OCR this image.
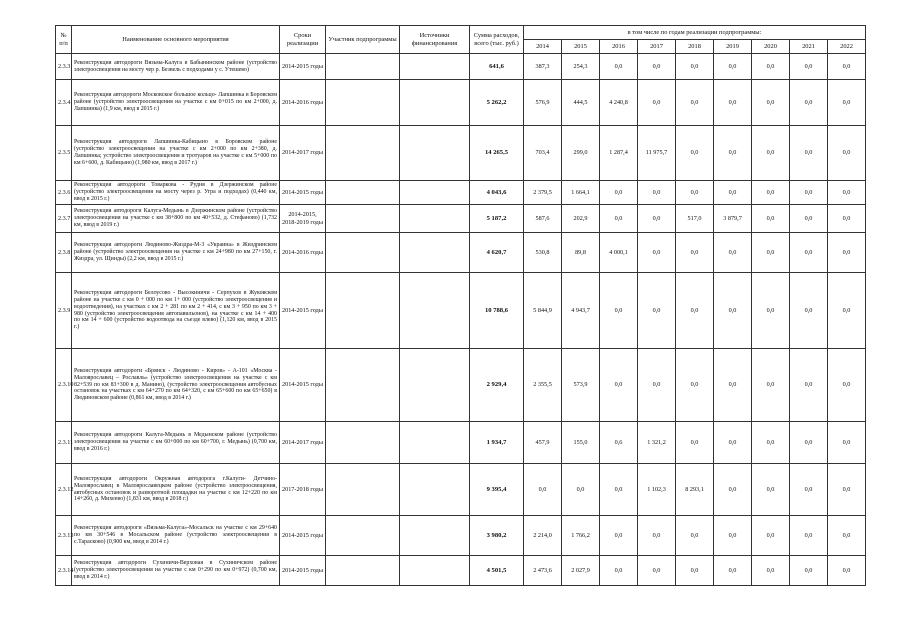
№ п/п	Наименование основного мероприятия	Сроки реализации	Участник подпрограммы	Источники финансирования	Сумма расходов, всего (тыс. руб.)	в том числе по годам реализации подпрограммы:								
						2014	2015	2016	2017	2018	2019	2020	2021	2022
2.3.3	Реконструкция автодороги Вязьма-Калуга в Бабынинском районе (устройство электроосвещения на мосту чер р. Безвель с подходами у с. Утешево)	2014-2015 годы			641,6	387,3	254,3	0,0	0,0	0,0	0,0	0,0	0,0	0,0
2.3.4	Реконструкция автодороги Московское большое кольцо- Лапшинка в Боровском районе (устройство электроосвещения на участке с км 0+015 по км 2+000, д. Лапшинка) (1,9 км, ввод в 2015 г.)	2014-2016 годы			5 262,2	576,9	444,5	4 240,8	0,0	0,0	0,0	0,0	0,0	0,0
2.3.5	Реконструкция автодороги Лапшинка-Кабицыно в Боровском районе (устройство электроосвещения на участке с км 2+000 по км 2+380, д. Лапшинка; устройство электроосвещения и тротуаров на участке с км 5+000 по км 6+600, д. Кабицыно) (1,980 км, ввод в 2017 г.)	2014-2017 годы			14 265,5	703,4	299,0	1 287,4	11 975,7	0,0	0,0	0,0	0,0	0,0
2.3.6	Реконструкция автодороги Товаркова - Рудня в Дзержинском районе (устройство электроосвещения на мосту через р. Угра и подходах) (0,440 км, ввод в 2015 г.)	2014-2015 годы			4 043,6	2 379,5	1 664,1	0,0	0,0	0,0	0,0	0,0	0,0	0,0
2.3.7	Реконструкция автодороги Калуга-Медынь в Дзержинском районе (устройство электроосвещения на участке с км 38+800 по км 40+532, д. Стефаново) (1,732 км, ввод в 2019 г.)	2014-2015, 2018-2019 годы			5 187,2	587,6	202,9	0,0	0,0	517,0	3 879,7	0,0	0,0	0,0
2.3.8	Реконструкция автодороги Людиново-Жиздра-М-3 «Украина» в Жиздринском районе (устройство электроосвещения на участке с км 24+980 по км 27+150, г. Жиздра, ул. Щинды) (2,2 км, ввод в 2015 г.)	2014-2016 годы			4 620,7	530,8	89,8	4 000,1	0,0	0,0	0,0	0,0	0,0	0,0
2.3.9	Реконструкция автодороги Белоусово - Высокиничи - Серпухов в Жуковском районе на участке с км 0 + 000 по км 1+ 000 (устройство электроосвещения и водоотведения), на участках с км 2 + 281 по км 2 + 414, с км 3 + 950 по км 3 + 980 (устройство электроосвещения автопавильонов), на участке с км 14 + 400 по км 14 + 600 (устройство водоотвода на съезде влево) (1,120 км, ввод в 2015 г.)	2014-2015 годы			10 788,6	5 844,9	4 943,7	0,0	0,0	0,0	0,0	0,0	0,0	0,0
2.3.10	Реконструкция автодороги «Брянск - Людиново - Киров» - А-101 «Москва - Малоярославец – Рославль» (устройство электроосвещения на участке с км 82+539 по км 83+300 в д. Манино), (устройство электроосвещения автобусных остановок на участках с км 64+270 по км 64+320, с км 65+600 по км 65+650) в Людиновском районе (0,861 км, ввод в 2014 г.)	2014-2015 годы			2 929,4	2 355,5	573,9	0,0	0,0	0,0	0,0	0,0	0,0	0,0
2.3.11	Реконструкция автодороги Калуга-Медынь в Медынском районе (устройство электроосвещения на участке с км 60+000 по км 60+700, г. Медынь) (0,700 км, ввод в 2016 г.)	2014-2017 годы			1 934,7	457,9	155,0	0,6	1 321,2	0,0	0,0	0,0	0,0	0,0
2.3.12	Реконструкция автодороги Окружная автодорога г.Калуги- Детчино-Малоярославец в Малоярославецком районе (устройство электроосвещения, автобусных остановок и разворотной площадки на участке с км 12+220 по км 14+260, д. Михеево) (1,831 км, ввод в 2018 г.)	2017-2018 годы			9 395,4	0,0	0,0	0,0	1 102,3	8 293,1	0,0	0,0	0,0	0,0
2.3.13	Реконструкция автодороги «Вязьма-Калуга»-Мосальск на участке с км 29+640 по км 30+546 в Мосальском районе (устройство электроосвещения в с.Тарасково) (0,900 км, ввод в 2014 г.)	2014-2015 годы			3 980,2	2 214,0	1 766,2	0,0	0,0	0,0	0,0	0,0	0,0	0,0
2.3.14	Реконструкция автодороги Сухиничи-Верховая в Сухиничском районе (устройство электроосвещения на участке с км 0+290 по км 0+972) (0,700 км, ввод в 2014 г.)	2014-2015 годы			4 501,5	2 473,6	2 027,9	0,0	0,0	0,0	0,0	0,0	0,0	0,0
